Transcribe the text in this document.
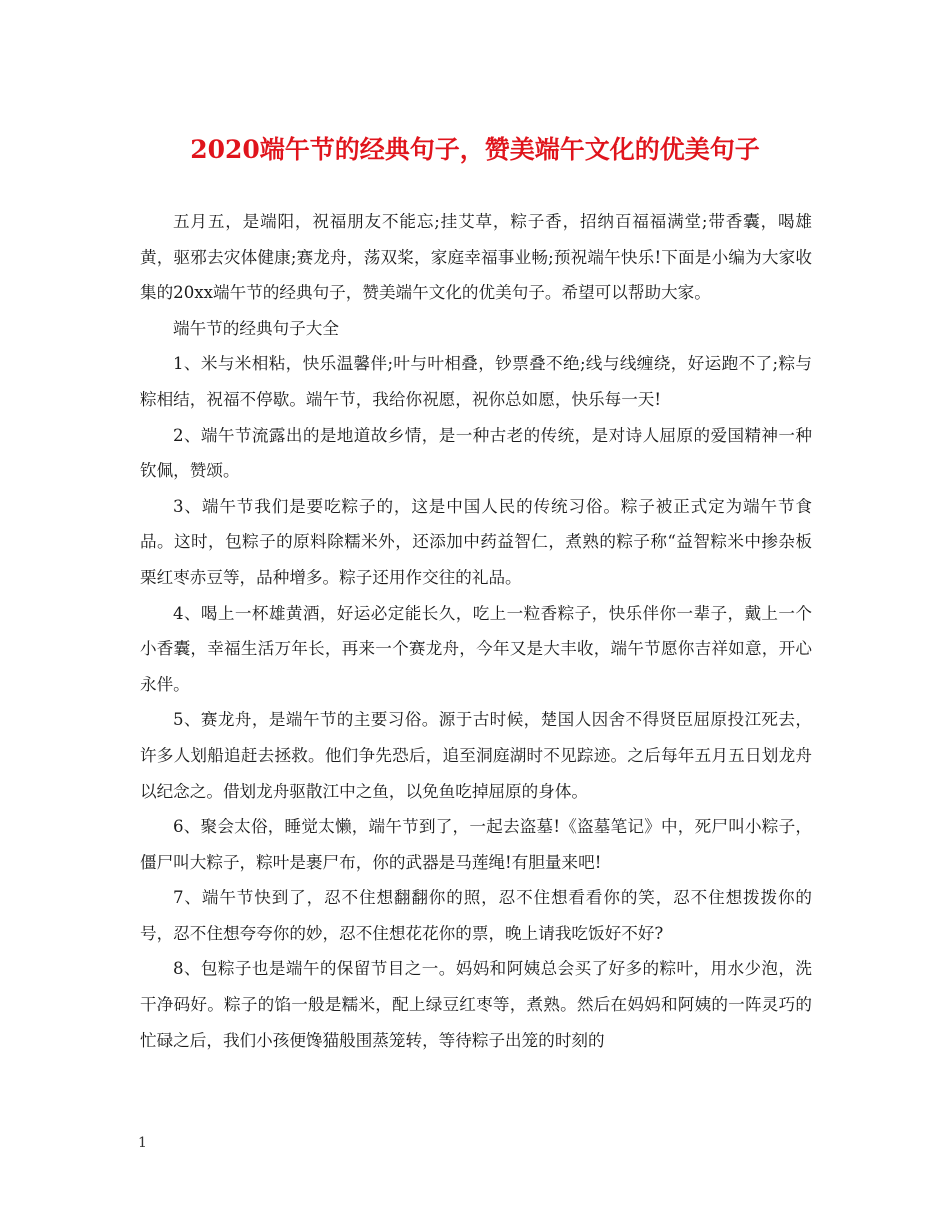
2020端午节的经典句子，赞美端午文化的优美句子

五月五，是端阳，祝福朋友不能忘;挂艾草，粽子香，招纳百福福满堂;带香囊，喝雄黄，驱邪去灾体健康;赛龙舟，荡双桨，家庭幸福事业畅;预祝端午快乐!下面是小编为大家收集的20xx端午节的经典句子，赞美端午文化的优美句子。希望可以帮助大家。

端午节的经典句子大全

1、米与米相粘，快乐温馨伴;叶与叶相叠，钞票叠不绝;线与线缠绕，好运跑不了;粽与粽相结，祝福不停歇。端午节，我给你祝愿，祝你总如愿，快乐每一天!

2、端午节流露出的是地道故乡情，是一种古老的传统，是对诗人屈原的爱国精神一种钦佩，赞颂。

3、端午节我们是要吃粽子的，这是中国人民的传统习俗。粽子被正式定为端午节食品。这时，包粽子的原料除糯米外，还添加中药益智仁，煮熟的粽子称“益智粽米中掺杂板栗红枣赤豆等，品种增多。粽子还用作交往的礼品。

4、喝上一杯雄黄酒，好运必定能长久，吃上一粒香粽子，快乐伴你一辈子，戴上一个小香囊，幸福生活万年长，再来一个赛龙舟，今年又是大丰收，端午节愿你吉祥如意，开心永伴。

5、赛龙舟，是端午节的主要习俗。源于古时候，楚国人因舍不得贤臣屈原投江死去，许多人划船追赶去拯救。他们争先恐后，追至洞庭湖时不见踪迹。之后每年五月五日划龙舟以纪念之。借划龙舟驱散江中之鱼，以免鱼吃掉屈原的身体。

6、聚会太俗，睡觉太懒，端午节到了，一起去盗墓!《盗墓笔记》中，死尸叫小粽子，僵尸叫大粽子，粽叶是裹尸布，你的武器是马莲绳!有胆量来吧!

7、端午节快到了，忍不住想翻翻你的照，忍不住想看看你的笑，忍不住想拨拨你的号，忍不住想夸夸你的妙，忍不住想花花你的票，晚上请我吃饭好不好?

8、包粽子也是端午的保留节目之一。妈妈和阿姨总会买了好多的粽叶，用水少泡，洗干净码好。粽子的馅一般是糯米，配上绿豆红枣等，煮熟。然后在妈妈和阿姨的一阵灵巧的忙碌之后，我们小孩便馋猫般围蒸笼转，等待粽子出笼的时刻的

1
